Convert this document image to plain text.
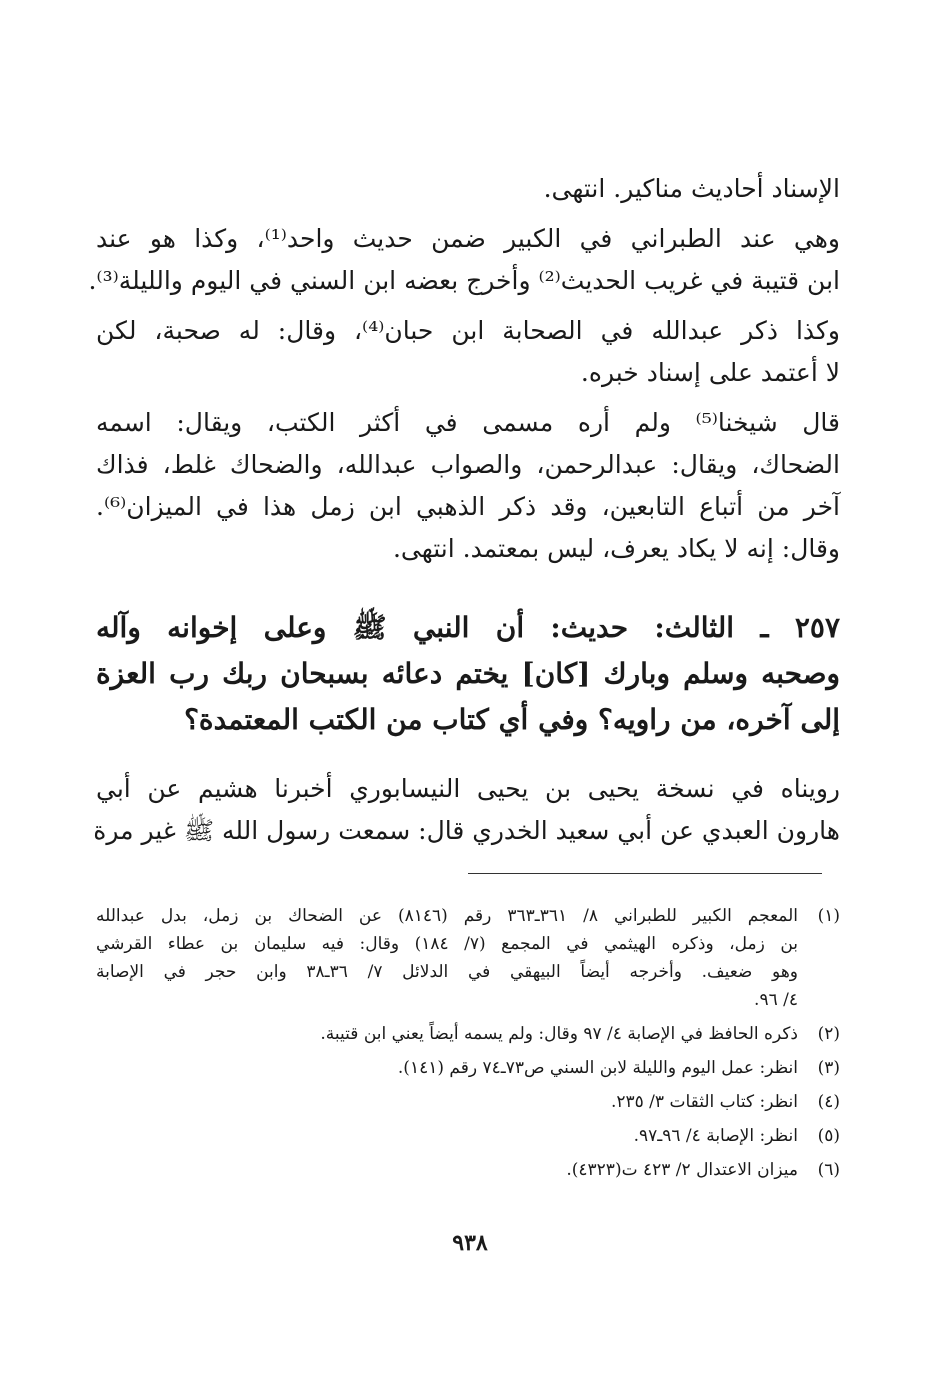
الإسناد أحاديث مناكير. انتهى.
وهي عند الطبراني في الكبير ضمن حديث واحد⁽¹⁾، وكذا هو عند
ابن قتيبة في غريب الحديث⁽²⁾ وأخرج بعضه ابن السني في اليوم والليلة⁽³⁾.
وكذا ذكر عبدالله في الصحابة ابن حبان⁽⁴⁾، وقال: له صحبة، لكن
لا أعتمد على إسناد خبره.
قال شيخنا⁽⁵⁾ ولم أره مسمى في أكثر الكتب، ويقال: اسمه
الضحاك، ويقال: عبدالرحمن، والصواب عبدالله، والضحاك غلط، فذاك
آخر من أتباع التابعين، وقد ذكر الذهبي ابن زمل هذا في الميزان⁽⁶⁾.
وقال: إنه لا يكاد يعرف، ليس بمعتمد. انتهى.
٢٥٧ ـ الثالث: حديث: أن النبي ﷺ وعلى إخوانه وآله
وصحبه وسلم وبارك [كان] يختم دعائه بسبحان ربك رب العزة
إلى آخره، من راويه؟ وفي أي كتاب من الكتب المعتمدة؟
رويناه في نسخة يحيى بن يحيى النيسابوري أخبرنا هشيم عن أبي
هارون العبدي عن أبي سعيد الخدري قال: سمعت رسول الله ﷺ غير مرة
(١)
المعجم الكبير للطبراني ٨/ ٣٦١ـ٣٦٣ رقم (٨١٤٦) عن الضحاك بن زمل، بدل عبدالله
بن زمل، وذكره الهيثمي في المجمع (٧/ ١٨٤) وقال: فيه سليمان بن عطاء القرشي
وهو ضعيف. وأخرجه أيضاً البيهقي في الدلائل ٧/ ٣٦ـ٣٨ وابن حجر في الإصابة
٤/ ٩٦.
(٢)
ذكره الحافظ في الإصابة ٤/ ٩٧ وقال: ولم يسمه أيضاً يعني ابن قتيبة.
(٣)
انظر: عمل اليوم والليلة لابن السني ص٧٣ـ٧٤ رقم (١٤١).
(٤)
انظر: كتاب الثقات ٣/ ٢٣٥.
(٥)
انظر: الإصابة ٤/ ٩٦ـ٩٧.
(٦)
ميزان الاعتدال ٢/ ٤٢٣ ت(٤٣٢٣).
٩٣٨
